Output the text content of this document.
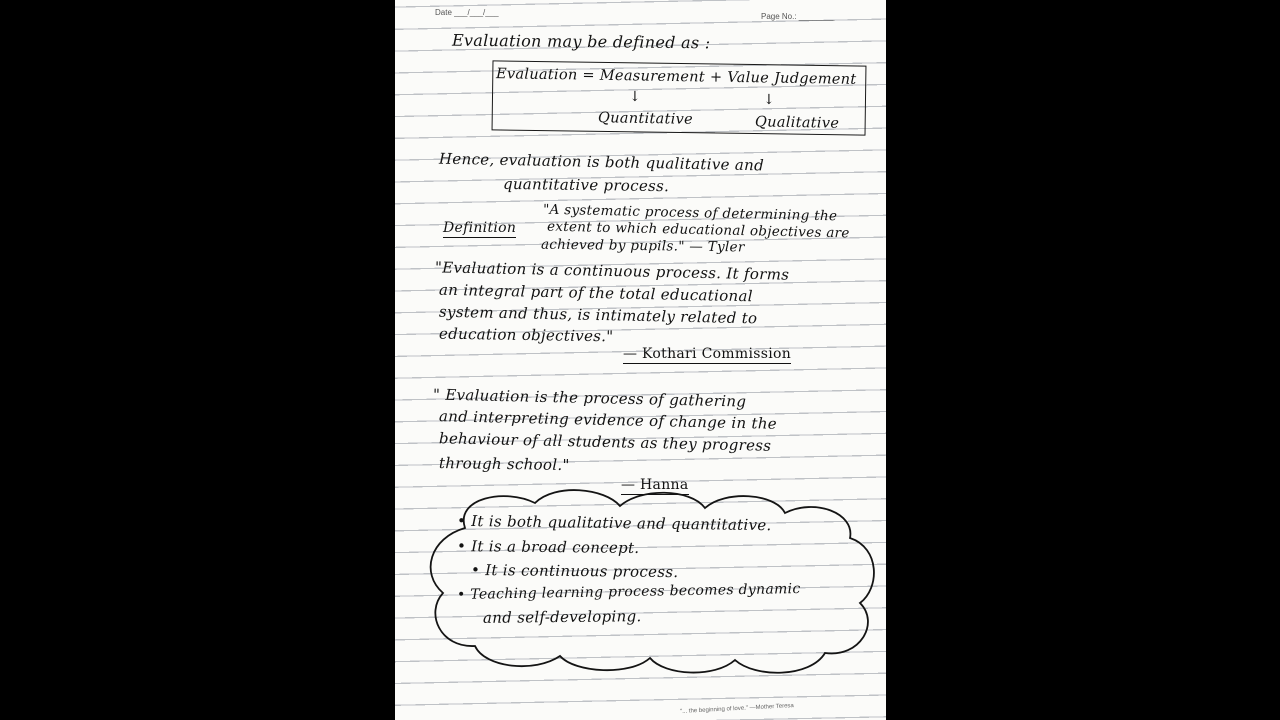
Date ___/___/___	Page No.: ________
Evaluation may be defined as :
Evaluation = Measurement + Value Judgement
↓	↓
Quantitative	Qualitative
Hence, evaluation is both qualitative and
quantitative process.
Definition
"A systematic process of determining the
extent to which educational objectives are
achieved by pupils." — Tyler
"Evaluation is a continuous process. It forms
an integral part of the total educational
system and thus, is intimately related to
education objectives."
— Kothari Commission
" Evaluation is the process of gathering
and interpreting evidence of change in the
behaviour of all students as they progress
through school."
— Hanna
• It is both qualitative and quantitative.
• It is a broad concept.
• It is continuous process.
• Teaching learning process becomes dynamic
and self-developing.
"... the beginning of love." —Mother Teresa
